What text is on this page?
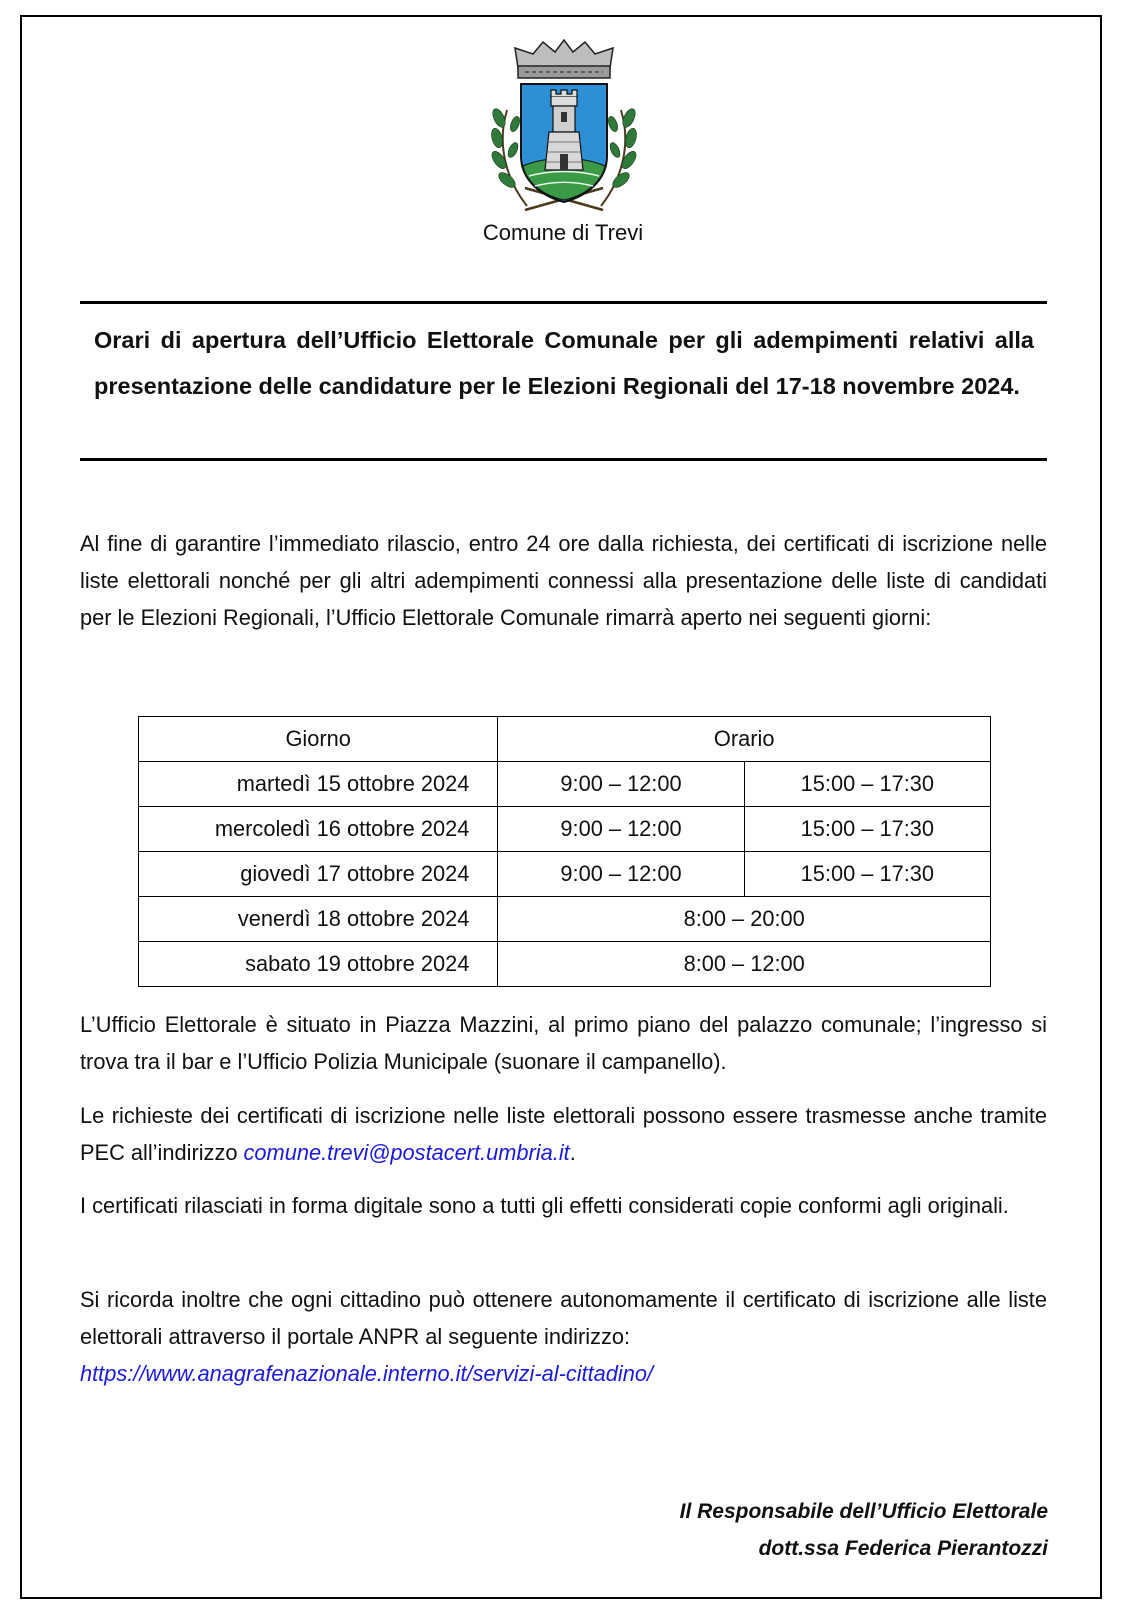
Comune di Trevi
Orari di apertura dell’Ufficio Elettorale Comunale per gli adempimenti relativi alla presentazione delle candidature per le Elezioni Regionali del 17-18 novembre 2024.

Al fine di garantire l’immediato rilascio, entro 24 ore dalla richiesta, dei certificati di iscrizione nelle liste elettorali nonché per gli altri adempimenti connessi alla presentazione delle liste di candidati per le Elezioni Regionali, l’Ufficio Elettorale Comunale rimarrà aperto nei seguenti giorni:

Giorno	Orario	
martedì 15 ottobre 2024	9:00 – 12:00	15:00 – 17:30
mercoledì 16 ottobre 2024	9:00 – 12:00	15:00 – 17:30
giovedì 17 ottobre 2024	9:00 – 12:00	15:00 – 17:30
venerdì 18 ottobre 2024	8:00 – 20:00	
sabato 19 ottobre 2024	8:00 – 12:00	

L’Ufficio Elettorale è situato in Piazza Mazzini, al primo piano del palazzo comunale; l’ingresso si trova tra il bar e l’Ufficio Polizia Municipale (suonare il campanello).

Le richieste dei certificati di iscrizione nelle liste elettorali possono essere trasmesse anche tramite PEC all’indirizzo comune.trevi@postacert.umbria.it.

I certificati rilasciati in forma digitale sono a tutti gli effetti considerati copie conformi agli originali.

Si ricorda inoltre che ogni cittadino può ottenere autonomamente il certificato di iscrizione alle liste elettorali attraverso il portale ANPR al seguente indirizzo:
https://www.anagrafenazionale.interno.it/servizi-al-cittadino/

Il Responsabile dell’Ufficio Elettorale
dott.ssa Federica Pierantozzi
